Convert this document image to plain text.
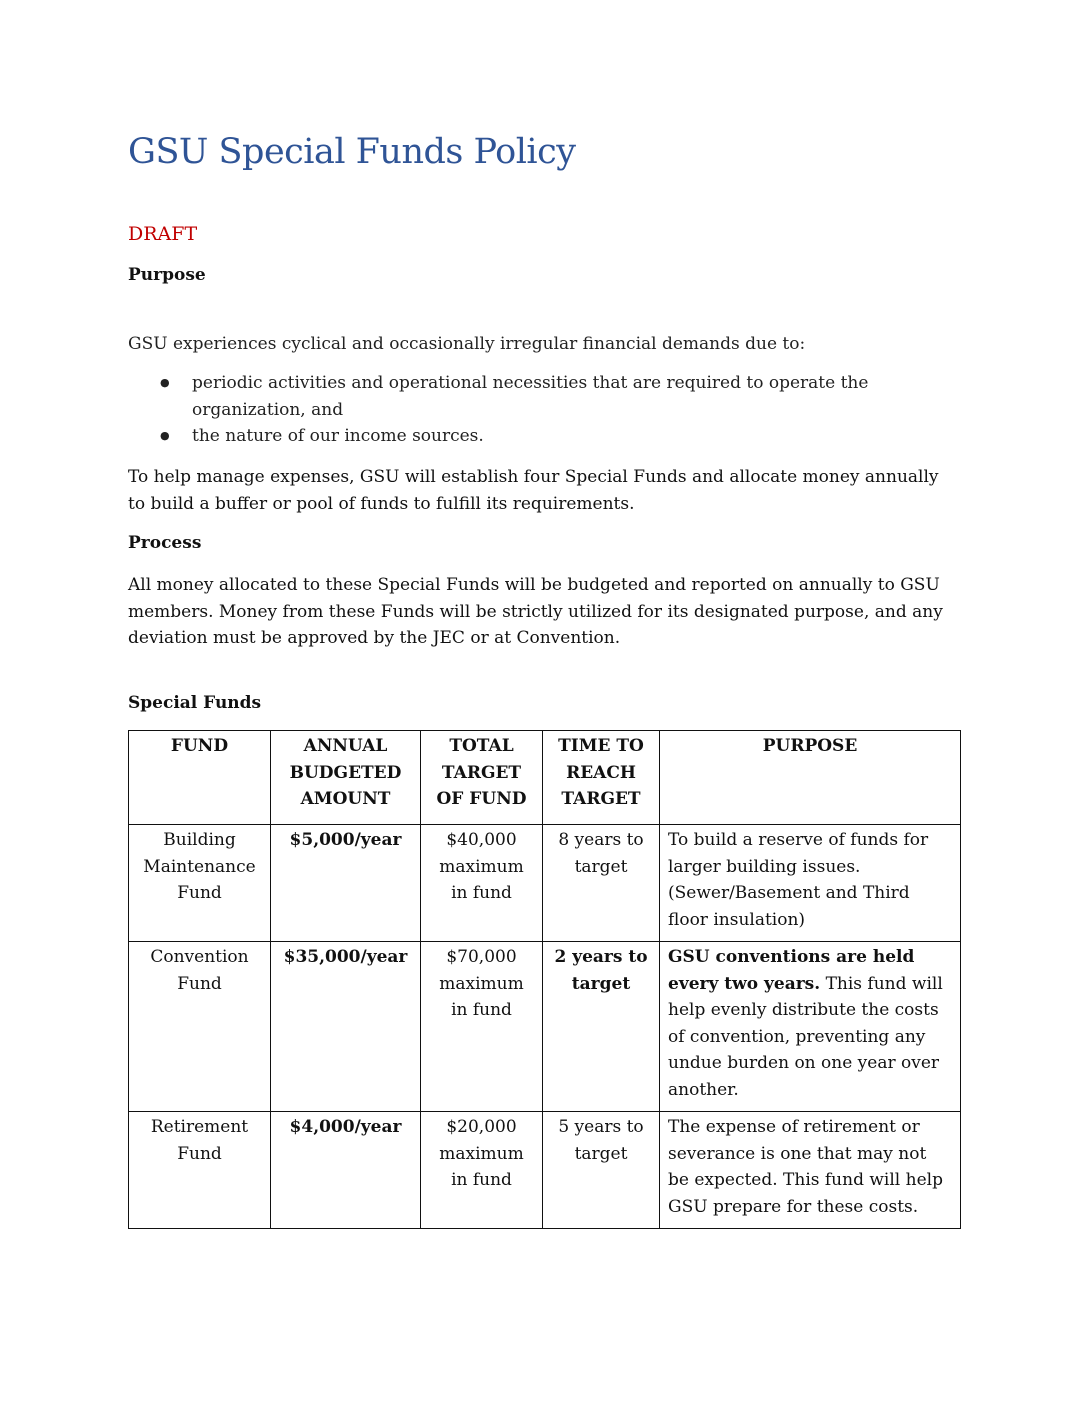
GSU Special Funds Policy
DRAFT
Purpose
GSU experiences cyclical and occasionally irregular financial demands due to:
● periodic activities and operational necessities that are required to operate the organization, and
● the nature of our income sources.
To help manage expenses, GSU will establish four Special Funds and allocate money annually to build a buffer or pool of funds to fulfill its requirements.
Process
All money allocated to these Special Funds will be budgeted and reported on annually to GSU members. Money from these Funds will be strictly utilized for its designated purpose, and any deviation must be approved by the JEC or at Convention.
Special Funds
FUND	ANNUAL BUDGETED AMOUNT	TOTAL TARGET OF FUND	TIME TO REACH TARGET	PURPOSE
Building Maintenance Fund	$5,000/year	$40,000 maximum in fund	8 years to target	To build a reserve of funds for larger building issues. (Sewer/Basement and Third floor insulation)
Convention Fund	$35,000/year	$70,000 maximum in fund	2 years to target	GSU conventions are held every two years. This fund will help evenly distribute the costs of convention, preventing any undue burden on one year over another.
Retirement Fund	$4,000/year	$20,000 maximum in fund	5 years to target	The expense of retirement or severance is one that may not be expected. This fund will help GSU prepare for these costs.
